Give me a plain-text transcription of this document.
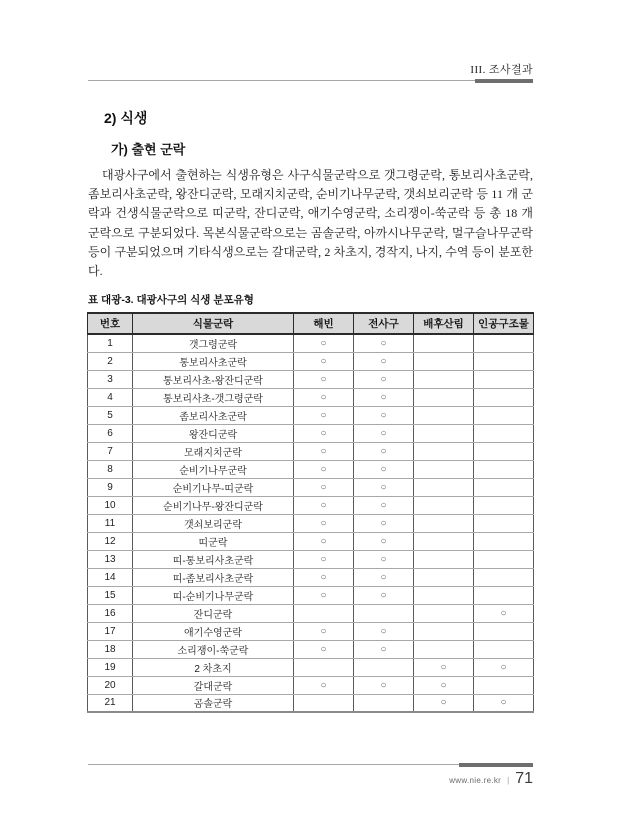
III. 조사결과
2) 식생
가) 출현 군락

대광사구에서 출현하는 식생유형은 사구식물군락으로 갯그령군락, 통보리사초군락, 좀보리사초군락, 왕잔디군락, 모래지치군락, 순비기나무군락, 갯쇠보리군락 등 11 개 군락과 건생식물군락으로 띠군락, 잔디군락, 애기수영군락, 소리쟁이-쑥군락 등 총 18 개 군락으로 구분되었다. 목본식물군락으로는 곰솔군락, 아까시나무군락, 멀구슬나무군락 등이 구분되었으며 기타식생으로는 갈대군락, 2 차초지, 경작지, 나지, 수역 등이 분포한다.

표 대광-3. 대광사구의 식생 분포유형
번호	식물군락	해빈	전사구	배후산림	인공구조물
1	갯그령군락	○	○		
2	통보리사초군락	○	○		
3	통보리사초-왕잔디군락	○	○		
4	통보리사초-갯그령군락	○	○		
5	좀보리사초군락	○	○		
6	왕잔디군락	○	○		
7	모래지치군락	○	○		
8	순비기나무군락	○	○		
9	순비기나무-띠군락	○	○		
10	순비기나무-왕잔디군락	○	○		
11	갯쇠보리군락	○	○		
12	띠군락	○	○		
13	띠-통보리사초군락	○	○		
14	띠-좀보리사초군락	○	○		
15	띠-순비기나무군락	○	○		
16	잔디군락				○
17	애기수영군락	○	○		
18	소리쟁이-쑥군락	○	○		
19	2 차초지			○	○
20	갈대군락	○	○	○	
21	곰솔군락			○	○
www.nie.re.kr | 71
